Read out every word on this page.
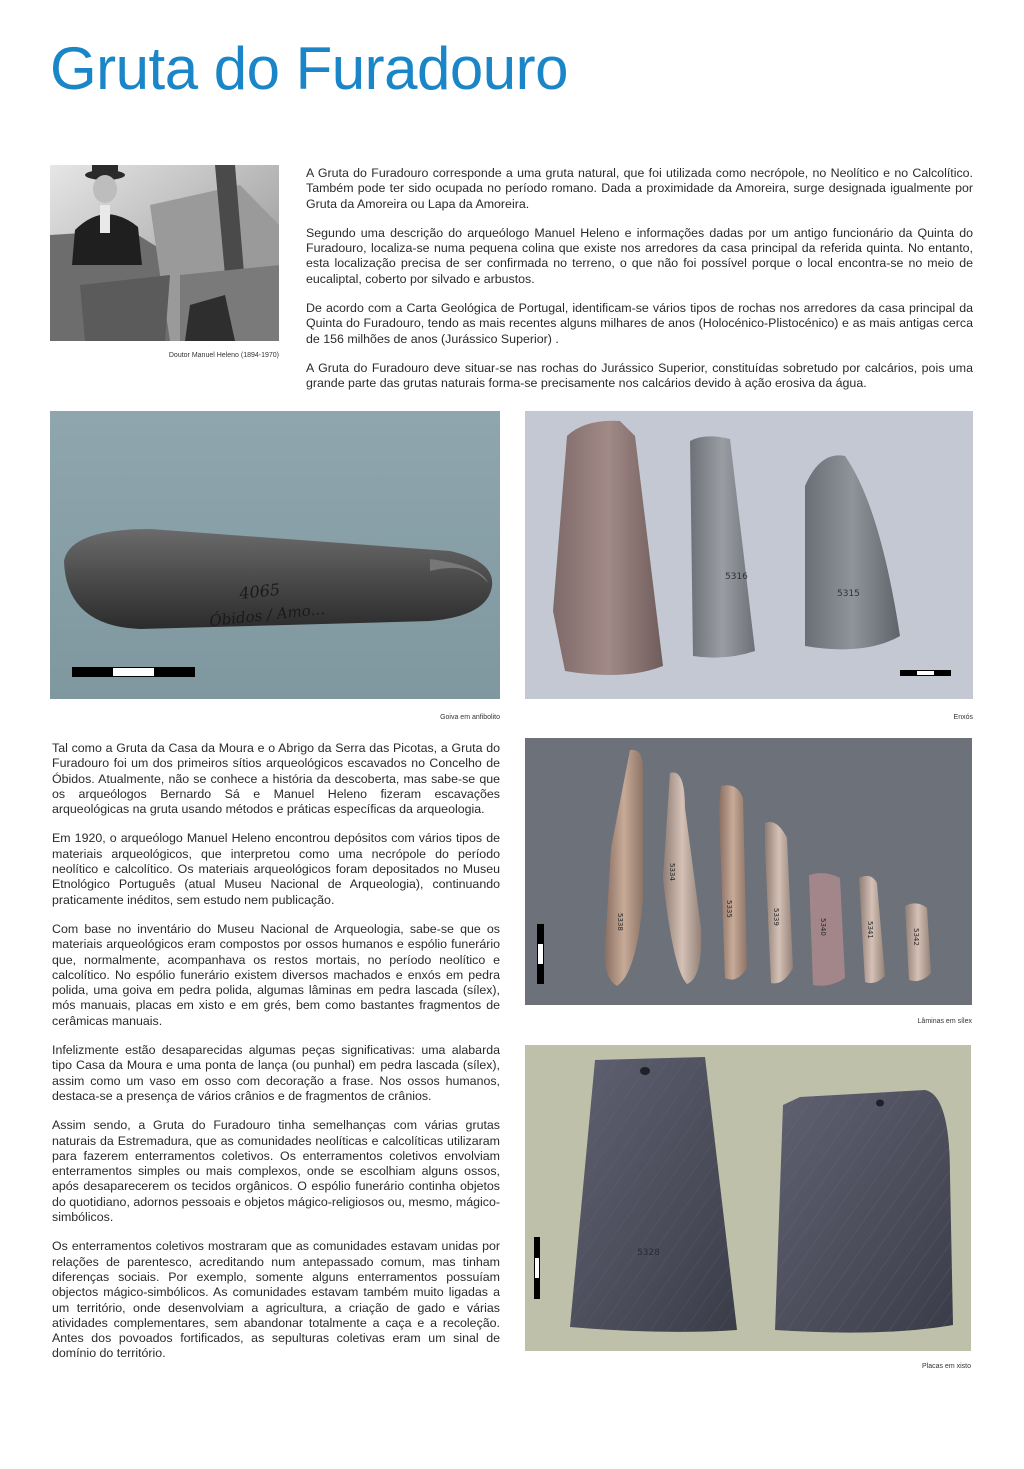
Gruta do Furadouro
Doutor Manuel Heleno (1894-1970)

A Gruta do Furadouro corresponde a uma gruta natural, que foi utilizada como necrópole, no Neolítico e no Calcolítico. Também pode ter sido ocupada no período romano. Dada a proximidade da Amoreira, surge designada igualmente por Gruta da Amoreira ou Lapa da Amoreira.

Segundo uma descrição do arqueólogo Manuel Heleno e informações dadas por um antigo funcionário da Quinta do Furadouro, localiza-se numa pequena colina que existe nos arredores da casa principal da referida quinta. No entanto, esta localização precisa de ser confirmada no terreno, o que não foi possível porque o local encontra-se no meio de eucaliptal, coberto por silvado e arbustos.

De acordo com a Carta Geológica de Portugal, identificam-se vários tipos de rochas nos arredores da casa principal da Quinta do Furadouro, tendo as mais recentes alguns milhares de anos (Holocénico-Plistocénico) e as mais antigas cerca de 156 milhões de anos (Jurássico Superior) .

A Gruta do Furadouro deve situar-se nas rochas do Jurássico Superior, constituídas sobretudo por calcários, pois uma grande parte das grutas naturais forma-se precisamente nos calcários devido à ação erosiva da água.

4065
Óbidos / Amo...
Goiva em anfibolito
5316
5315
Enxós

Tal como a Gruta da Casa da Moura e o Abrigo da Serra das Picotas, a Gruta do Furadouro foi um dos primeiros sítios arqueológicos escavados no Concelho de Óbidos. Atualmente, não se conhece a história da descoberta, mas sabe-se que os arqueólogos Bernardo Sá e Manuel Heleno fizeram escavações arqueológicas na gruta usando métodos e práticas específicas da arqueologia.

Em 1920, o arqueólogo Manuel Heleno encontrou depósitos com vários tipos de materiais arqueológicos, que interpretou como uma necrópole do período neolítico e calcolítico. Os materiais arqueológicos foram depositados no Museu Etnológico Português (atual Museu Nacional de Arqueologia), continuando praticamente inéditos, sem estudo nem publicação.

Com base no inventário do Museu Nacional de Arqueologia, sabe-se que os materiais arqueológicos eram compostos por ossos humanos e espólio funerário que, normalmente, acompanhava os restos mortais, no período neolítico e calcolítico. No espólio funerário existem diversos machados e enxós em pedra polida, uma goiva em pedra polida, algumas lâminas em pedra lascada (sílex), mós manuais, placas em xisto e em grés, bem como bastantes fragmentos de cerâmicas manuais.

Infelizmente estão desaparecidas algumas peças significativas: uma alabarda tipo Casa da Moura e uma ponta de lança (ou punhal) em pedra lascada (sílex), assim como um vaso em osso com decoração a frase. Nos ossos humanos, destaca-se a presença de vários crânios e de fragmentos de crânios.

Assim sendo, a Gruta do Furadouro tinha semelhanças com várias grutas naturais da Estremadura, que as comunidades neolíticas e calcolíticas utilizaram para fazerem enterramentos coletivos. Os enterramentos coletivos envolviam enterramentos simples ou mais complexos, onde se escolhiam alguns ossos, após desaparecerem os tecidos orgânicos. O espólio funerário continha objetos do quotidiano, adornos pessoais e objetos mágico-religiosos ou, mesmo, mágico-simbólicos.

Os enterramentos coletivos mostraram que as comunidades estavam unidas por relações de parentesco, acreditando num antepassado comum, mas tinham diferenças sociais. Por exemplo, somente alguns enterramentos possuíam objectos mágico-simbólicos. As comunidades estavam também muito ligadas a um território, onde desenvolviam a agricultura, a criação de gado e várias atividades complementares, sem abandonar totalmente a caça e a recoleção. Antes dos povoados fortificados, as sepulturas coletivas eram um sinal de domínio do território.

5338
5334
5335	5339
5340	5341	5342
Lâminas em sílex
5328
Placas em xisto
